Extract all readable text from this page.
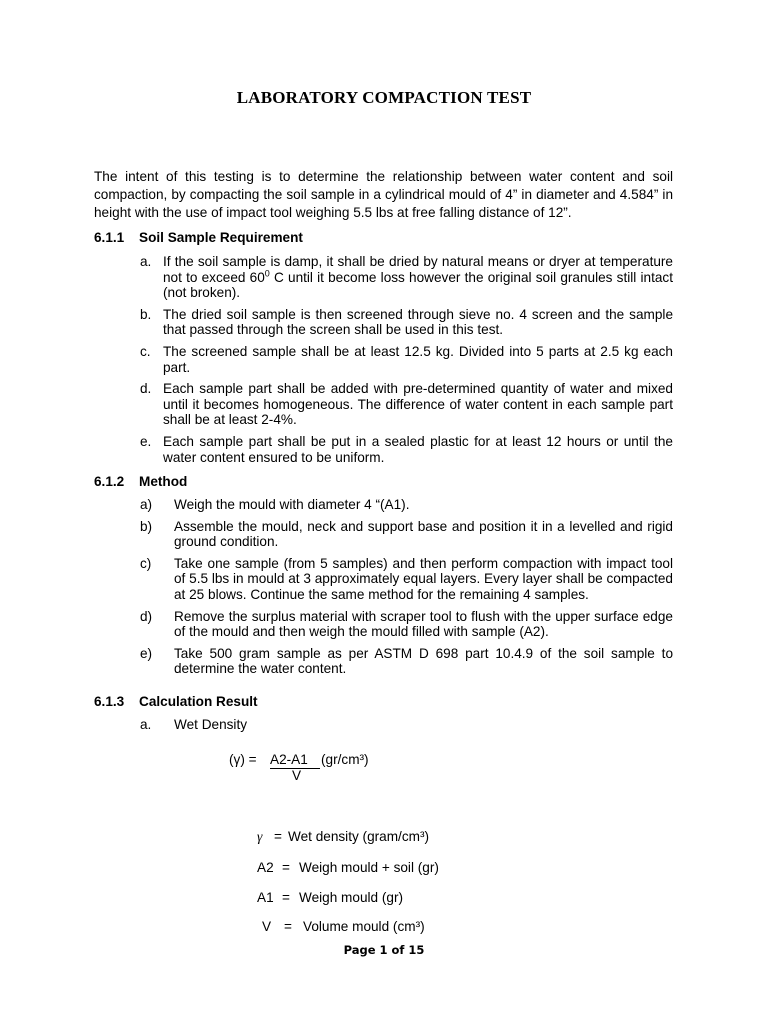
LABORATORY COMPACTION TEST
The intent of this testing is to determine the relationship between water content and soil compaction, by compacting the soil sample in a cylindrical mould of 4” in diameter and 4.584” in height with the use of impact tool weighing 5.5 lbs at free falling distance of 12”.
6.1.1 Soil Sample Requirement
a. If the soil sample is damp, it shall be dried by natural means or dryer at temperature not to exceed $60^0$ C until it become loss however the original soil granules still intact (not broken).
b. The dried soil sample is then screened through sieve no. 4 screen and the sample that passed through the screen shall be used in this test.
c. The screened sample shall be at least 12.5 kg. Divided into 5 parts at 2.5 kg each part.
d. Each sample part shall be added with pre-determined quantity of water and mixed until it becomes homogeneous. The difference of water content in each sample part shall be at least 2-4%.
e. Each sample part shall be put in a sealed plastic for at least 12 hours or until the water content ensured to be uniform.
6.1.2 Method
a) Weigh the mould with diameter 4 “(A1).
b) Assemble the mould, neck and support base and position it in a levelled and rigid ground condition.
c) Take one sample (from 5 samples) and then perform compaction with impact tool of 5.5 lbs in mould at 3 approximately equal layers. Every layer shall be compacted at 25 blows. Continue the same method for the remaining 4 samples.
d) Remove the surplus material with scraper tool to flush with the upper surface edge of the mould and then weigh the mould filled with sample (A2).
e) Take 500 gram sample as per ASTM D 698 part 10.4.9 of the soil sample to determine the water content.
6.1.3 Calculation Result
a. Wet Density
(γ) = A2-A1 (gr/cm³)
V
γ = Wet density (gram/cm³)
A2 = Weigh mould + soil (gr)
A1 = Weigh mould (gr)
V = Volume mould (cm³)
Page 1 of 15
